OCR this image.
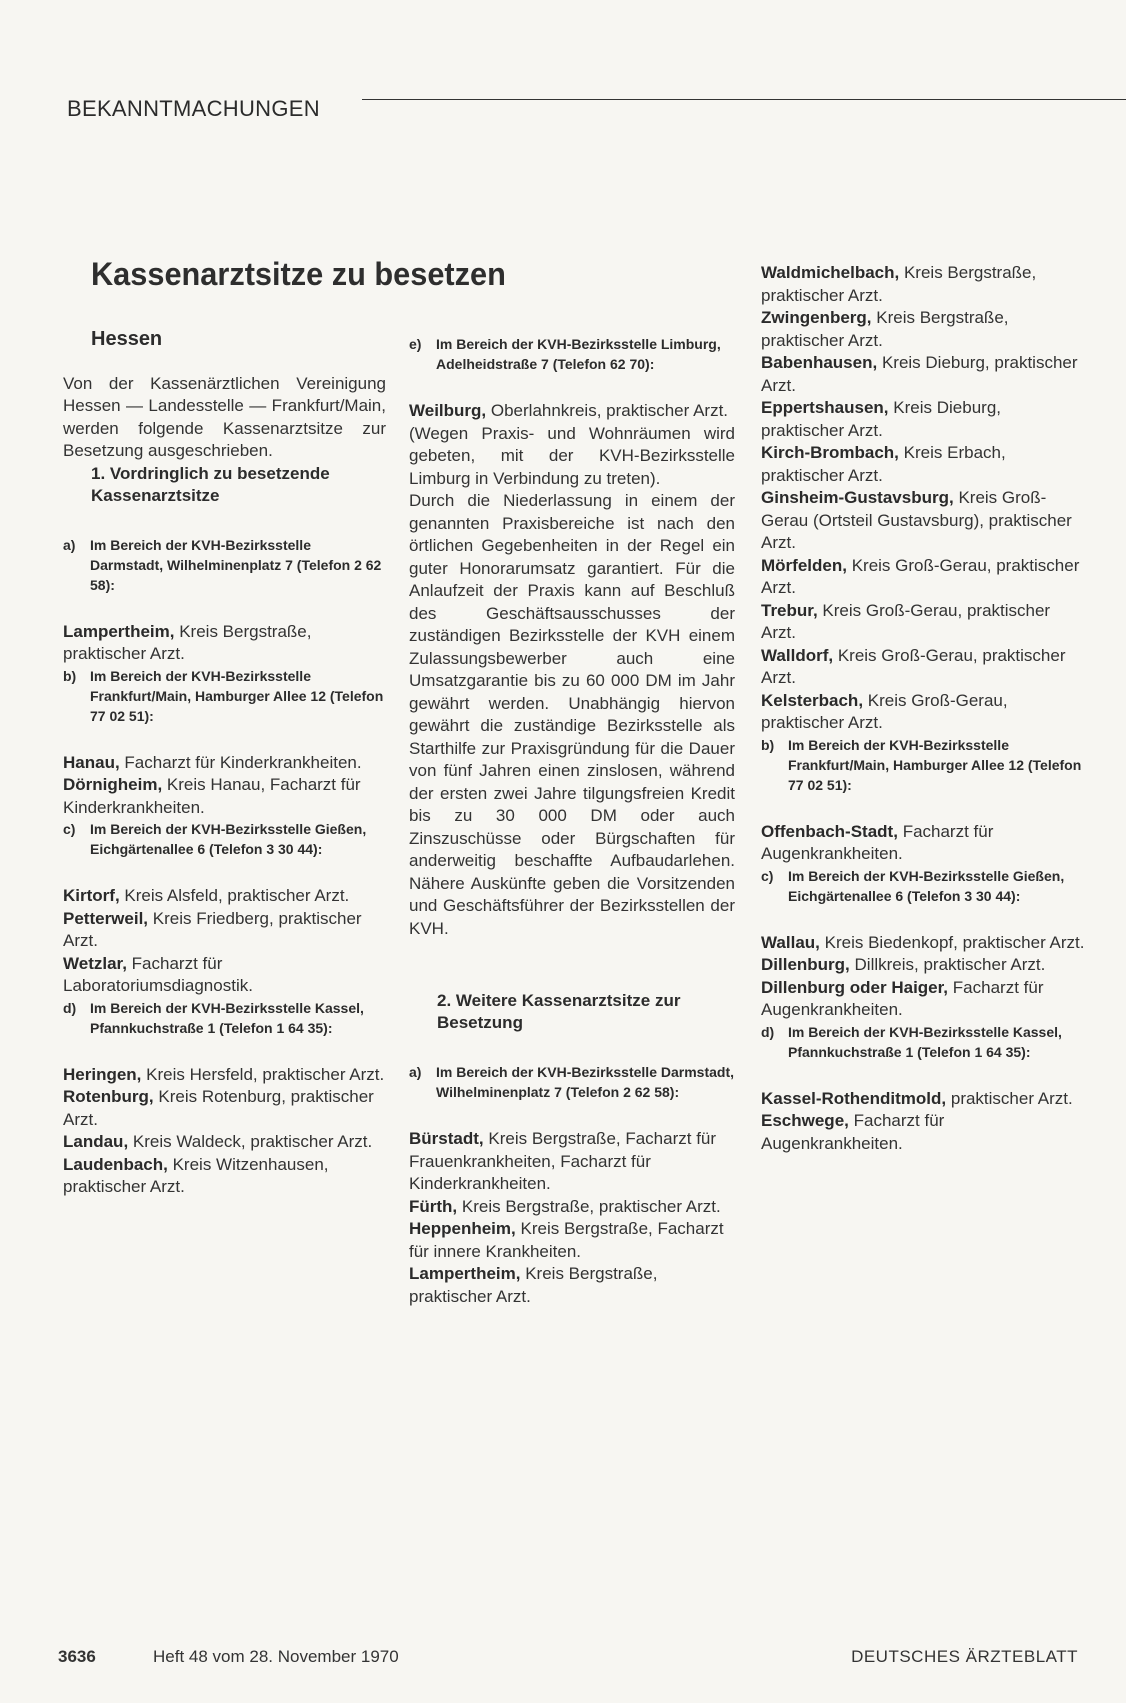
BEKANNTMACHUNGEN
Kassenarztsitze zu besetzen
Hessen

Von der Kassenärztlichen Vereinigung Hessen — Landesstelle — Frankfurt/Main, werden folgende Kassenarztsitze zur Besetzung ausgeschrieben.

1. Vordringlich zu besetzende Kassenarztsitze
a) Im Bereich der KVH-Bezirksstelle Darmstadt, Wilhelminenplatz 7 (Telefon 2 62 58):

Lampertheim, Kreis Bergstraße, praktischer Arzt.

b) Im Bereich der KVH-Bezirksstelle Frankfurt/Main, Hamburger Allee 12 (Telefon 77 02 51):

Hanau, Facharzt für Kinderkrankheiten.

Dörnigheim, Kreis Hanau, Facharzt für Kinderkrankheiten.

c) Im Bereich der KVH-Bezirksstelle Gießen, Eichgärtenallee 6 (Telefon 3 30 44):

Kirtorf, Kreis Alsfeld, praktischer Arzt.

Petterweil, Kreis Friedberg, praktischer Arzt.

Wetzlar, Facharzt für Laboratoriumsdiagnostik.

d) Im Bereich der KVH-Bezirksstelle Kassel, Pfannkuchstraße 1 (Telefon 1 64 35):

Heringen, Kreis Hersfeld, praktischer Arzt.

Rotenburg, Kreis Rotenburg, praktischer Arzt.

Landau, Kreis Waldeck, praktischer Arzt.

Laudenbach, Kreis Witzenhausen, praktischer Arzt.

e) Im Bereich der KVH-Bezirksstelle Limburg, Adelheidstraße 7 (Telefon 62 70):

Weilburg, Oberlahnkreis, praktischer Arzt.

(Wegen Praxis- und Wohnräumen wird gebeten, mit der KVH-Bezirksstelle Limburg in Verbindung zu treten).

Durch die Niederlassung in einem der genannten Praxisbereiche ist nach den örtlichen Gegebenheiten in der Regel ein guter Honorarumsatz garantiert. Für die Anlaufzeit der Praxis kann auf Beschluß des Geschäftsausschusses der zuständigen Bezirksstelle der KVH einem Zulassungsbewerber auch eine Umsatzgarantie bis zu 60 000 DM im Jahr gewährt werden. Unabhängig hiervon gewährt die zuständige Bezirksstelle als Starthilfe zur Praxisgründung für die Dauer von fünf Jahren einen zinslosen, während der ersten zwei Jahre tilgungsfreien Kredit bis zu 30 000 DM oder auch Zinszuschüsse oder Bürgschaften für anderweitig beschaffte Aufbaudarlehen. Nähere Auskünfte geben die Vorsitzenden und Geschäftsführer der Bezirksstellen der KVH.

2. Weitere Kassenarztsitze zur Besetzung
a) Im Bereich der KVH-Bezirksstelle Darmstadt, Wilhelminenplatz 7 (Telefon 2 62 58):

Bürstadt, Kreis Bergstraße, Facharzt für Frauenkrankheiten, Facharzt für Kinderkrankheiten.

Fürth, Kreis Bergstraße, praktischer Arzt.

Heppenheim, Kreis Bergstraße, Facharzt für innere Krankheiten.

Lampertheim, Kreis Bergstraße, praktischer Arzt.

Waldmichelbach, Kreis Bergstraße, praktischer Arzt.

Zwingenberg, Kreis Bergstraße, praktischer Arzt.

Babenhausen, Kreis Dieburg, praktischer Arzt.

Eppertshausen, Kreis Dieburg, praktischer Arzt.

Kirch-Brombach, Kreis Erbach, praktischer Arzt.

Ginsheim-Gustavsburg, Kreis Groß-Gerau (Ortsteil Gustavsburg), praktischer Arzt.

Mörfelden, Kreis Groß-Gerau, praktischer Arzt.

Trebur, Kreis Groß-Gerau, praktischer Arzt.

Walldorf, Kreis Groß-Gerau, praktischer Arzt.

Kelsterbach, Kreis Groß-Gerau, praktischer Arzt.

b) Im Bereich der KVH-Bezirksstelle Frankfurt/Main, Hamburger Allee 12 (Telefon 77 02 51):

Offenbach-Stadt, Facharzt für Augenkrankheiten.

c) Im Bereich der KVH-Bezirksstelle Gießen, Eichgärtenallee 6 (Telefon 3 30 44):

Wallau, Kreis Biedenkopf, praktischer Arzt.

Dillenburg, Dillkreis, praktischer Arzt.

Dillenburg oder Haiger, Facharzt für Augenkrankheiten.

d) Im Bereich der KVH-Bezirksstelle Kassel, Pfannkuchstraße 1 (Telefon 1 64 35):

Kassel-Rothenditmold, praktischer Arzt.

Eschwege, Facharzt für Augenkrankheiten.

3636	Heft 48 vom 28. November 1970	DEUTSCHES ÄRZTEBLATT
